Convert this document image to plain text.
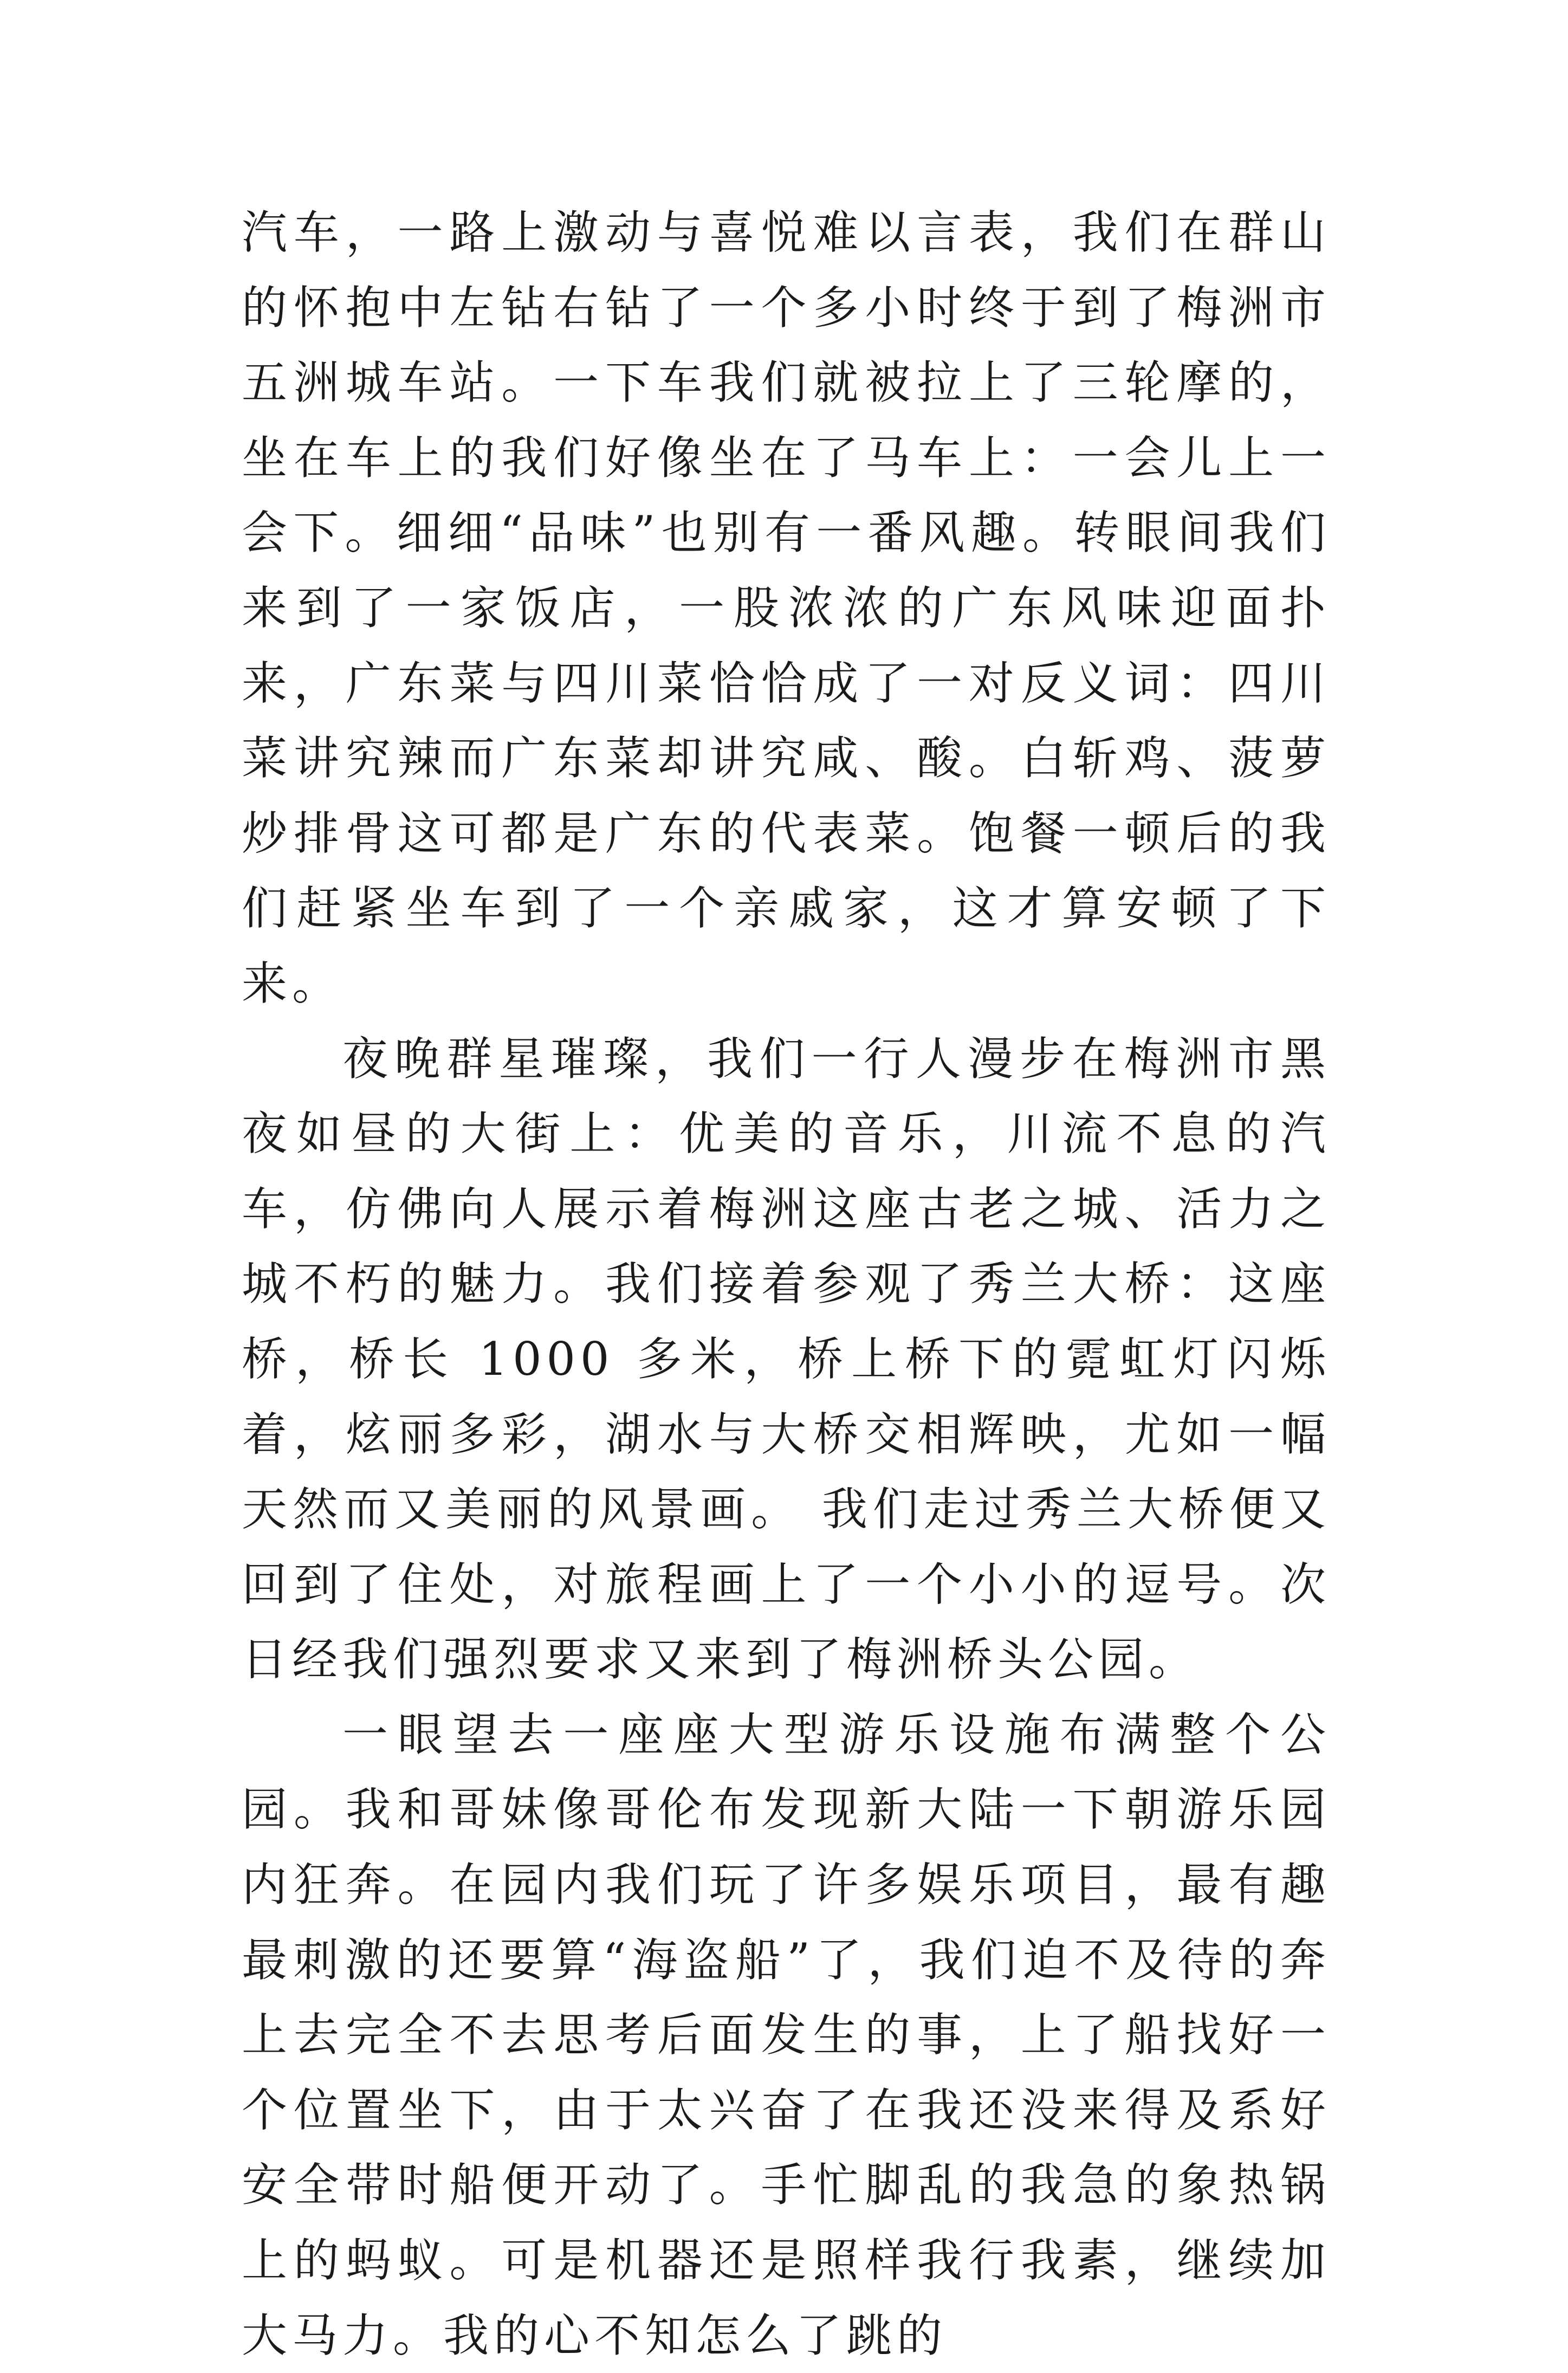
汽车，一路上激动与喜悦难以言表，我们在群山的怀抱中左钻右钻了一个多小时终于到了梅洲市五洲城车站。一下车我们就被拉上了三轮摩的，坐在车上的我们好像坐在了马车上：一会儿上一会下。细细“品味”也别有一番风趣。转眼间我们来到了一家饭店，一股浓浓的广东风味迎面扑来，广东菜与四川菜恰恰成了一对反义词：四川菜讲究辣而广东菜却讲究咸、酸。白斩鸡、菠萝炒排骨这可都是广东的代表菜。饱餐一顿后的我们赶紧坐车到了一个亲戚家，这才算安顿了下来。

夜晚群星璀璨，我们一行人漫步在梅洲市黑夜如昼的大街上：优美的音乐，川流不息的汽车，仿佛向人展示着梅洲这座古老之城、活力之城不朽的魅力。我们接着参观了秀兰大桥：这座桥，桥长 1000 多米，桥上桥下的霓虹灯闪烁着，炫丽多彩，湖水与大桥交相辉映，尤如一幅天然而又美丽的风景画。 我们走过秀兰大桥便又回到了住处，对旅程画上了一个小小的逗号。次日经我们强烈要求又来到了梅洲桥头公园。

一眼望去一座座大型游乐设施布满整个公园。我和哥妹像哥伦布发现新大陆一下朝游乐园内狂奔。在园内我们玩了许多娱乐项目，最有趣最刺激的还要算“海盗船”了，我们迫不及待的奔上去完全不去思考后面发生的事，上了船找好一个位置坐下，由于太兴奋了在我还没来得及系好安全带时船便开动了。手忙脚乱的我急的象热锅上的蚂蚁。可是机器还是照样我行我素，继续加大马力。我的心不知怎么了跳的
